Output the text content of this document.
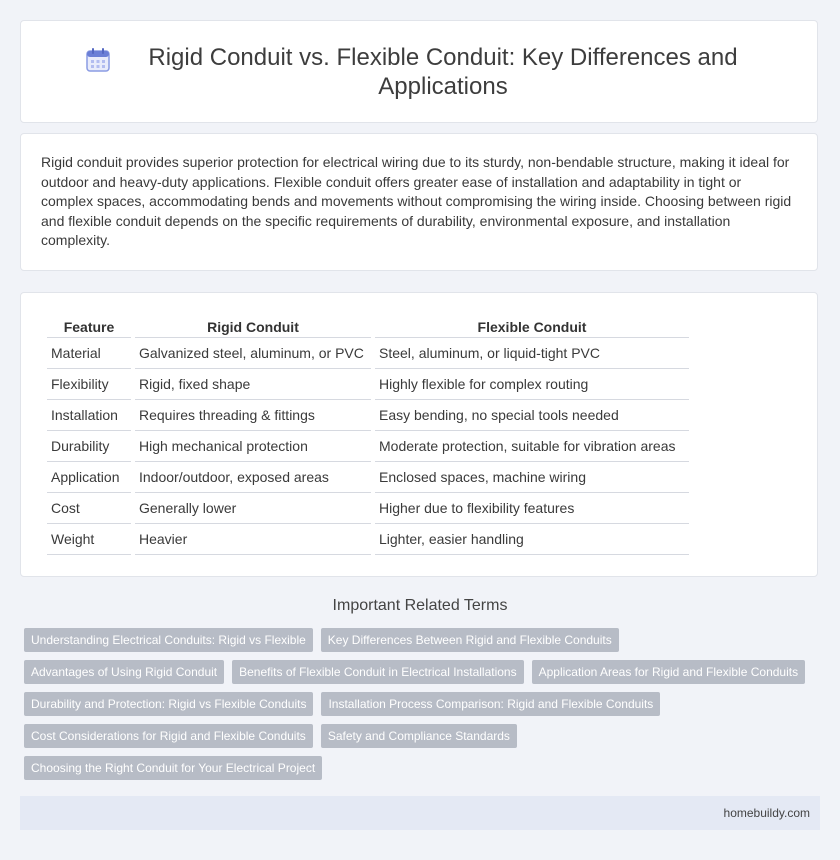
Rigid Conduit vs. Flexible Conduit: Key Differences and Applications

Rigid conduit provides superior protection for electrical wiring due to its sturdy, non-bendable structure, making it ideal for outdoor and heavy-duty applications. Flexible conduit offers greater ease of installation and adaptability in tight or complex spaces, accommodating bends and movements without compromising the wiring inside. Choosing between rigid and flexible conduit depends on the specific requirements of durability, environmental exposure, and installation complexity.

Feature	Rigid Conduit	Flexible Conduit
Material	Galvanized steel, aluminum, or PVC	Steel, aluminum, or liquid-tight PVC
Flexibility	Rigid, fixed shape	Highly flexible for complex routing
Installation	Requires threading & fittings	Easy bending, no special tools needed
Durability	High mechanical protection	Moderate protection, suitable for vibration areas
Application	Indoor/outdoor, exposed areas	Enclosed spaces, machine wiring
Cost	Generally lower	Higher due to flexibility features
Weight	Heavier	Lighter, easier handling
Important Related Terms
Understanding Electrical Conduits: Rigid vs Flexible	Key Differences Between Rigid and Flexible Conduits
Advantages of Using Rigid Conduit	Benefits of Flexible Conduit in Electrical Installations	Application Areas for Rigid and Flexible Conduits
Durability and Protection: Rigid vs Flexible Conduits	Installation Process Comparison: Rigid and Flexible Conduits
Cost Considerations for Rigid and Flexible Conduits	Safety and Compliance Standards
Choosing the Right Conduit for Your Electrical Project
homebuildy.com
